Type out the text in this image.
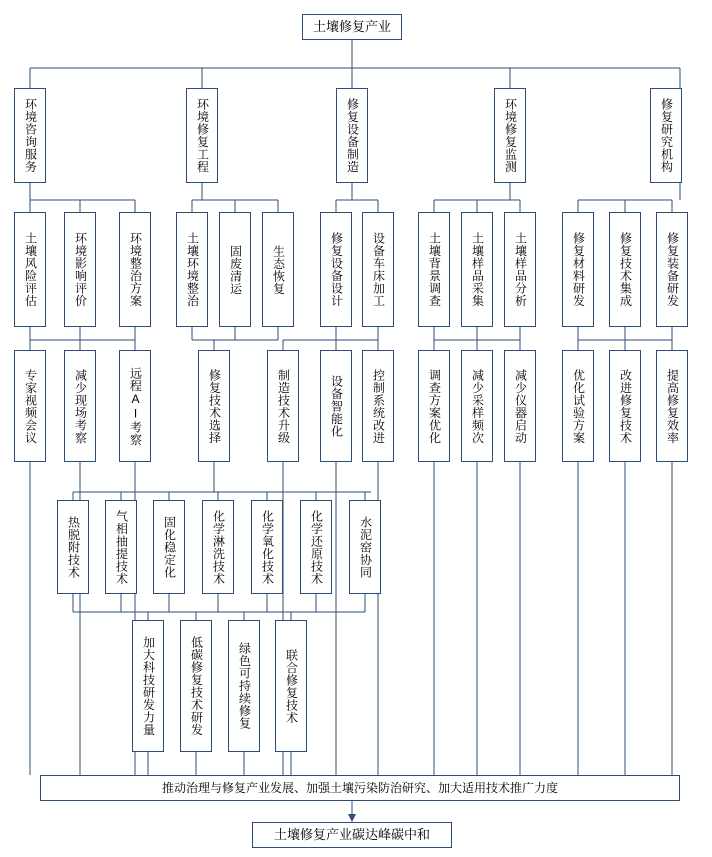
土壤修复产业
环境咨询服务	环境修复工程	修复设备制造	环境修复监测	修复研究机构
土壤风险评估	环境影响评价	环境整治方案	土壤环境整治 固废清运 生态恢复	修复设备设计 设备车床加工	土壤背景调查 土壤样品采集 土壤样品分析	修复材料研发	修复技术集成	修复装备研发
专家视频会议	减少现场考察	远程AI考察	修复技术选择	制造技术升级	设备智能化 控制系统改进	调查方案优化 减少采样频次 减少仪器启动	优化试验方案	改进修复技术	提高修复效率
热脱附技术	气相抽提技术	固化稳定化	化学淋洗技术	化学氧化技术	化学还原技术	水泥窑协同
加大科技研发力量	低碳修复技术研发	绿色可持续修复	联合修复技术
推动治理与修复产业发展、加强土壤污染防治研究、加大适用技术推广力度
土壤修复产业碳达峰碳中和
